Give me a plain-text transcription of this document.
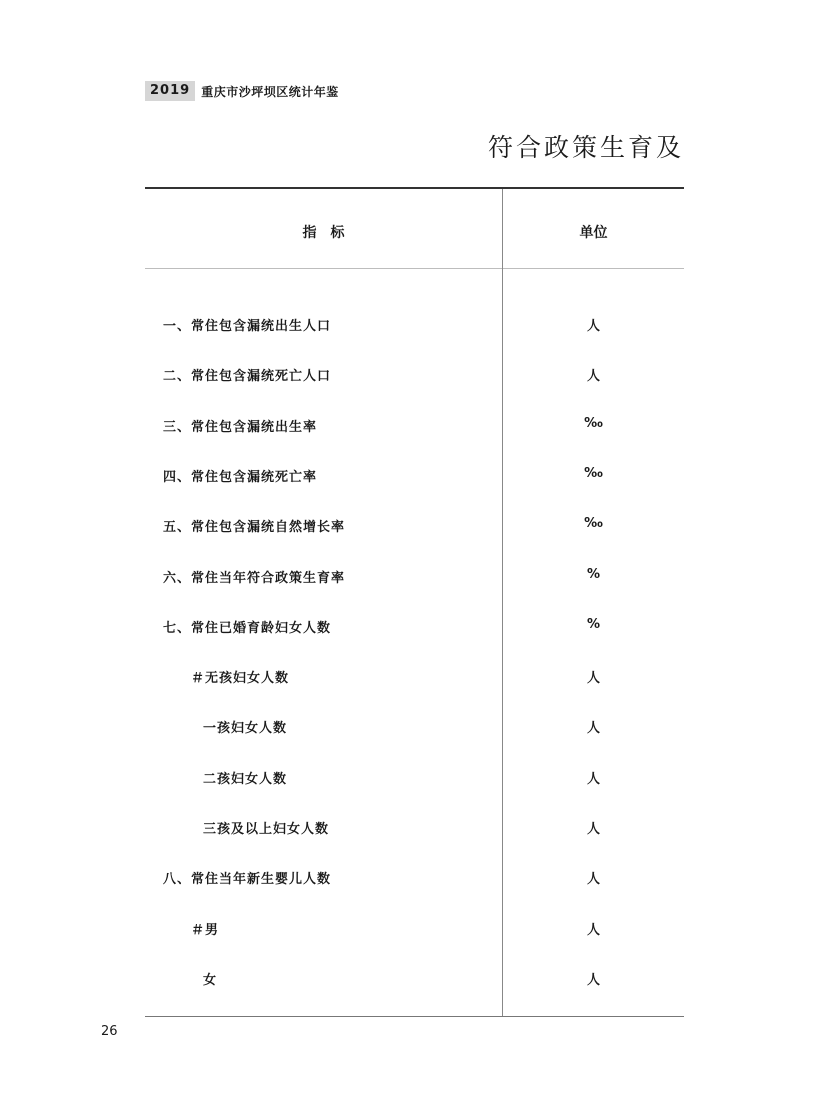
2019 重庆市沙坪坝区统计年鉴
符合政策生育及
指　标	单位
一、常住包含漏统出生人口	人
二、常住包含漏统死亡人口	人
三、常住包含漏统出生率	‰
四、常住包含漏统死亡率	‰
五、常住包含漏统自然增长率	‰
六、常住当年符合政策生育率	%
七、常住已婚育龄妇女人数	%
＃无孩妇女人数	人
一孩妇女人数	人
二孩妇女人数	人
三孩及以上妇女人数	人
八、常住当年新生婴儿人数	人
＃男	人
女	人
26
